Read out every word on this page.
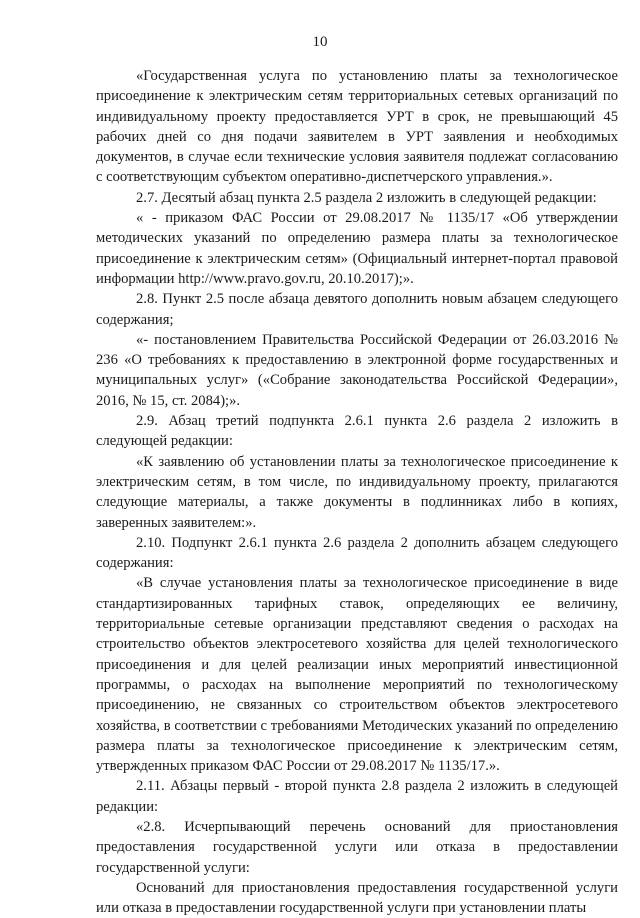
10

«Государственная услуга по установлению платы за технологическое присоединение к электрическим сетям территориальных сетевых организаций по индивидуальному проекту предоставляется УРТ в срок, не превышающий 45 рабочих дней со дня подачи заявителем в УРТ заявления и необходимых документов, в случае если технические условия заявителя подлежат согласованию с соответствующим субъектом оперативно-диспетчерского управления.».

2.7. Десятый абзац пункта 2.5 раздела 2 изложить в следующей редакции:

« - приказом ФАС России от 29.08.2017 № 1135/17 «Об утверждении методических указаний по определению размера платы за технологическое присоединение к электрическим сетям» (Официальный интернет-портал правовой информации http://www.pravo.gov.ru, 20.10.2017);».

2.8. Пункт 2.5 после абзаца девятого дополнить новым абзацем следующего содержания;

«- постановлением Правительства Российской Федерации от 26.03.2016 № 236 «О требованиях к предоставлению в электронной форме государственных и муниципальных услуг» («Собрание законодательства Российской Федерации», 2016, № 15, ст. 2084);».

2.9. Абзац третий подпункта 2.6.1 пункта 2.6 раздела 2 изложить в следующей редакции:

«К заявлению об установлении платы за технологическое присоединение к электрическим сетям, в том числе, по индивидуальному проекту, прилагаются следующие материалы, а также документы в подлинниках либо в копиях, заверенных заявителем:».

2.10. Подпункт 2.6.1 пункта 2.6 раздела 2 дополнить абзацем следующего содержания:

«В случае установления платы за технологическое присоединение в виде стандартизированных тарифных ставок, определяющих ее величину, территориальные сетевые организации представляют сведения о расходах на строительство объектов электросетевого хозяйства для целей технологического присоединения и для целей реализации иных мероприятий инвестиционной программы, о расходах на выполнение мероприятий по технологическому присоединению, не связанных со строительством объектов электросетевого хозяйства, в соответствии с требованиями Методических указаний по определению размера платы за технологическое присоединение к электрическим сетям, утвержденных приказом ФАС России от 29.08.2017 № 1135/17.».

2.11. Абзацы первый - второй пункта 2.8 раздела 2 изложить в следующей редакции:

«2.8. Исчерпывающий перечень оснований для приостановления предоставления государственной услуги или отказа в предоставлении государственной услуги:

Оснований для приостановления предоставления государственной услуги или отказа в предоставлении государственной услуги при установлении платы
